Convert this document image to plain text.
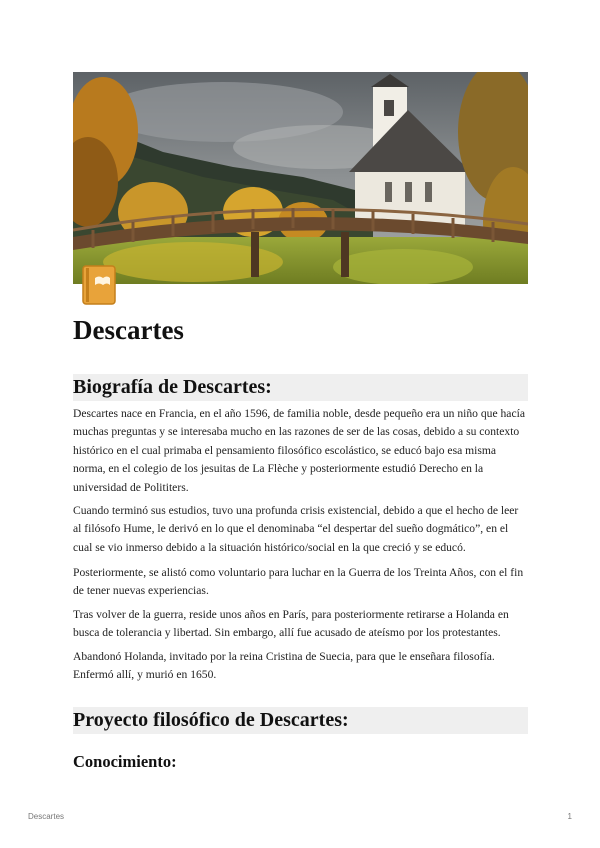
Descartes
Biografía de Descartes:

Descartes nace en Francia, en el año 1596, de familia noble, desde pequeño era un niño que hacía muchas preguntas y se interesaba mucho en las razones de ser de las cosas, debido a su contexto histórico en el cual primaba el pensamiento filosófico escolástico, se educó bajo esa misma norma, en el colegio de los jesuitas de La Flèche y posteriormente estudió Derecho en la universidad de Polititers.

Cuando terminó sus estudios, tuvo una profunda crisis existencial, debido a que el hecho de leer al filósofo Hume, le derivó en lo que el denominaba “el despertar del sueño dogmático”, en el cual se vio inmerso debido a la situación histórico/social en la que creció y se educó.

Posteriormente, se alistó como voluntario para luchar en la Guerra de los Treinta Años, con el fin de tener nuevas experiencias.

Tras volver de la guerra, reside unos años en París, para posteriormente retirarse a Holanda en busca de tolerancia y libertad. Sin embargo, allí fue acusado de ateísmo por los protestantes.

Abandonó Holanda, invitado por la reina Cristina de Suecia, para que le enseñara filosofía. Enfermó allí, y murió en 1650.

Proyecto filosófico de Descartes:
Conocimiento:
Descartes	1
